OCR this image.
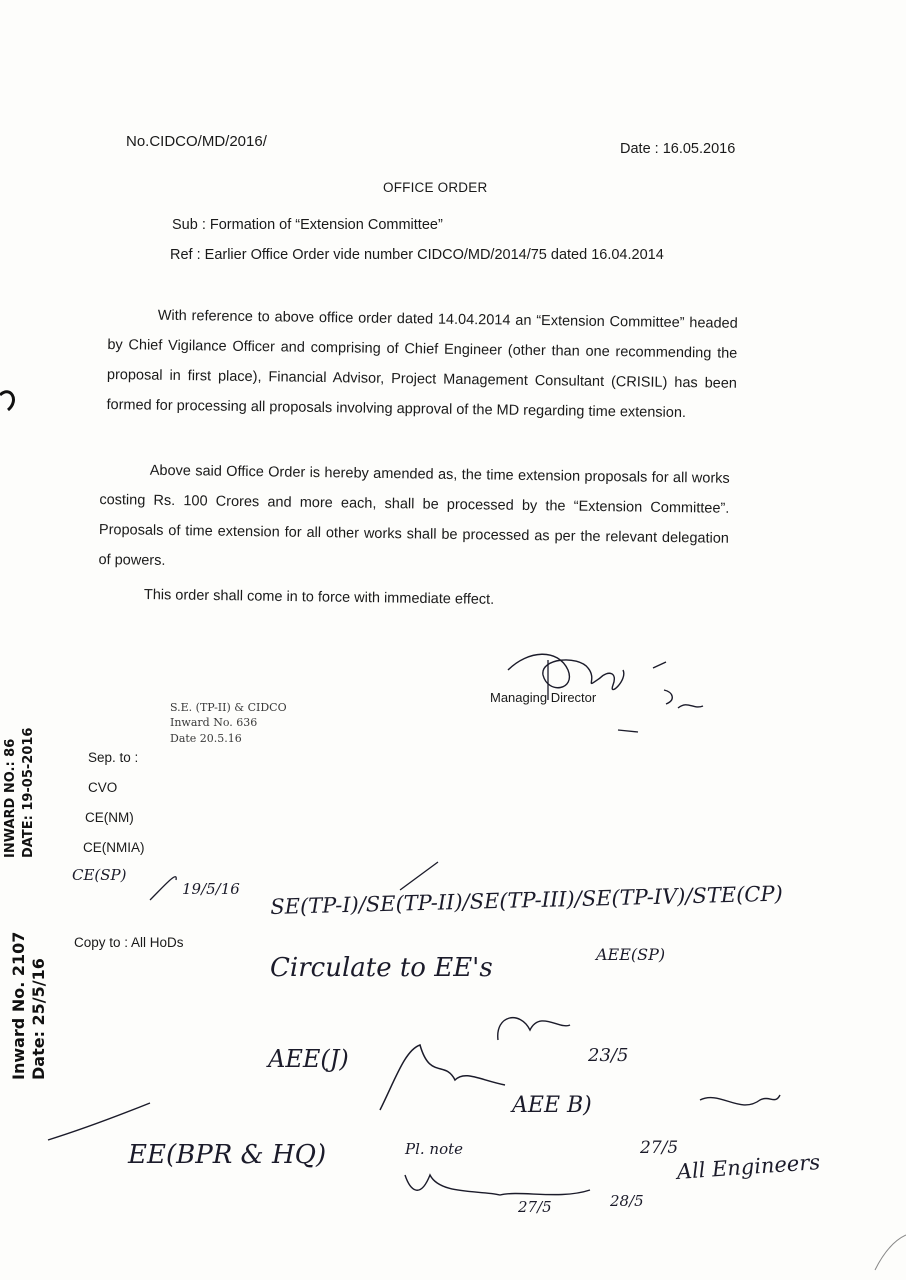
No.CIDCO/MD/2016/	Date : 16.05.2016
OFFICE ORDER
Sub : Formation of “Extension Committee”
Ref : Earlier Office Order vide number CIDCO/MD/2014/75 dated 16.04.2014
With reference to above office order dated 14.04.2014 an “Extension Committee” headed by Chief Vigilance Officer and comprising of Chief Engineer (other than one recommending the proposal in first place), Financial Advisor, Project Management Consultant (CRISIL) has been formed for processing all proposals involving approval of the MD regarding time extension.
Above said Office Order is hereby amended as, the time extension proposals for all works costing Rs. 100 Crores and more each, shall be processed by the “Extension Committee”. Proposals of time extension for all other works shall be processed as per the relevant delegation of powers.
This order shall come in to force with immediate effect.
Managing Director
S.E. (TP-II) & CIDCO
Inward No. 636
Date 20.5.16
Sep. to :
CVO
CE(NM)
CE(NMIA)
Copy to : All HoDs
INWARD NO.: 86 DATE: 19-05-2016
Inward No. 2107 Date: 25/5/16
CE(SP)
19/5/16 SE(TP-I)/SE(TP-II)/SE(TP-III)/SE(TP-IV)/STE(CP)
Circulate to EE's	AEE(SP)
23/5
AEE(J)
AEE B)
27/5
EE(BPR & HQ)	Pl. note
All Engineers
27/5	28/5
